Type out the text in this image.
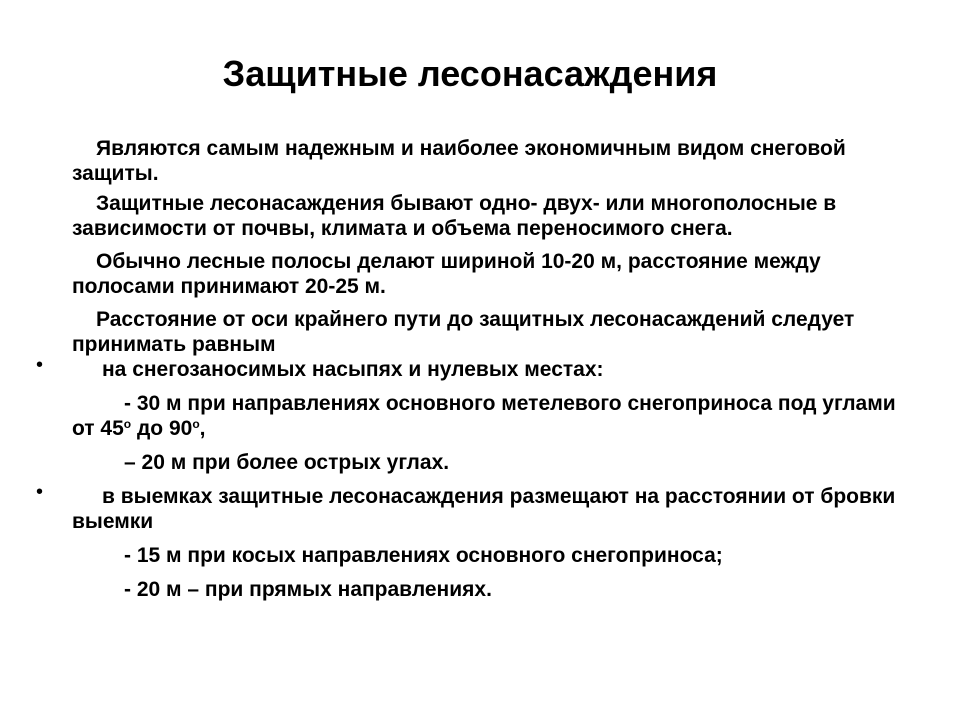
Защитные лесонасаждения

Являются самым надежным и наиболее экономичным видом снеговой защиты.

Защитные лесонасаждения бывают одно- двух- или многополосные в зависимости от почвы, климата и объема переносимого снега.

Обычно лесные полосы делают шириной 10-20 м, расстояние между полосами принимают 20-25 м.

Расстояние от оси крайнего пути до защитных лесонасаждений следует принимать равным

•	на снегозаносимых насыпях и нулевых местах:

- 30 м при направлениях основного метелевого снегоприноса под углами от $45^о$ до $90^о$,

– 20 м при более острых углах.

•	в выемках защитные лесонасаждения размещают на расстоянии от бровки выемки

- 15 м при косых направлениях основного снегоприноса;

- 20 м – при прямых направлениях.
